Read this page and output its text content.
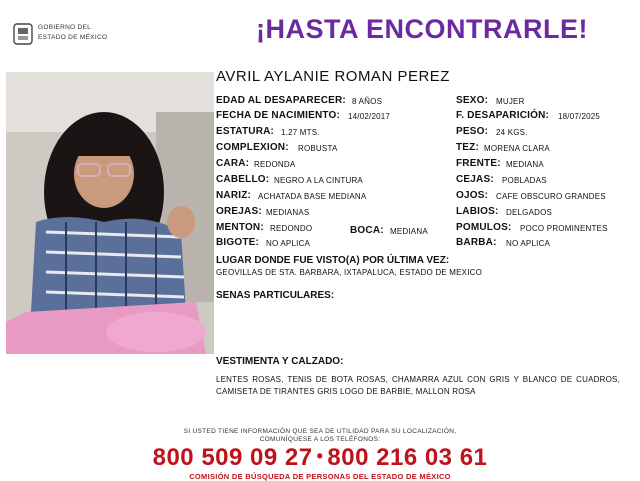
GOBIERNO DEL
ESTADO DE MÉXICO	¡HASTA ENCONTRARLE!
AVRIL AYLANIE ROMAN PEREZ
EDAD AL DESAPARECER: 8 AÑOS
FECHA DE NACIMIENTO: 14/02/2017
ESTATURA: 1.27 MTS.
COMPLEXION: ROBUSTA
CARA: REDONDA
CABELLO: NEGRO A LA CINTURA
NARIZ: ACHATADA BASE MEDIANA
OREJAS: MEDIANAS
MENTON: REDONDO	BOCA: MEDIANA
BIGOTE: NO APLICA
SEXO: MUJER
F. DESAPARICIÓN: 18/07/2025
PESO: 24 KGS.
TEZ: MORENA CLARA
FRENTE: MEDIANA
CEJAS: POBLADAS
OJOS: CAFE OBSCURO GRANDES
LABIOS: DELGADOS
POMULOS: POCO PROMINENTES
BARBA: NO APLICA
LUGAR DONDE FUE VISTO(A) POR ÚLTIMA VEZ:
GEOVILLAS DE STA. BARBARA, IXTAPALUCA, ESTADO DE MEXICO
SENAS PARTICULARES:
VESTIMENTA Y CALZADO:
LENTES ROSAS, TENIS DE BOTA ROSAS, CHAMARRA AZUL CON GRIS Y BLANCO DE CUADROS, CAMISETA DE TIRANTES GRIS LOGO DE BARBIE, MALLON ROSA
SI USTED TIENE INFORMACIÓN QUE SEA DE UTILIDAD PARA SU LOCALIZACIÓN,
COMUNÍQUESE A LOS TELÉFONOS:
800 509 09 27 • 800 216 03 61
COMISIÓN DE BÚSQUEDA DE PERSONAS DEL ESTADO DE MÉXICO
